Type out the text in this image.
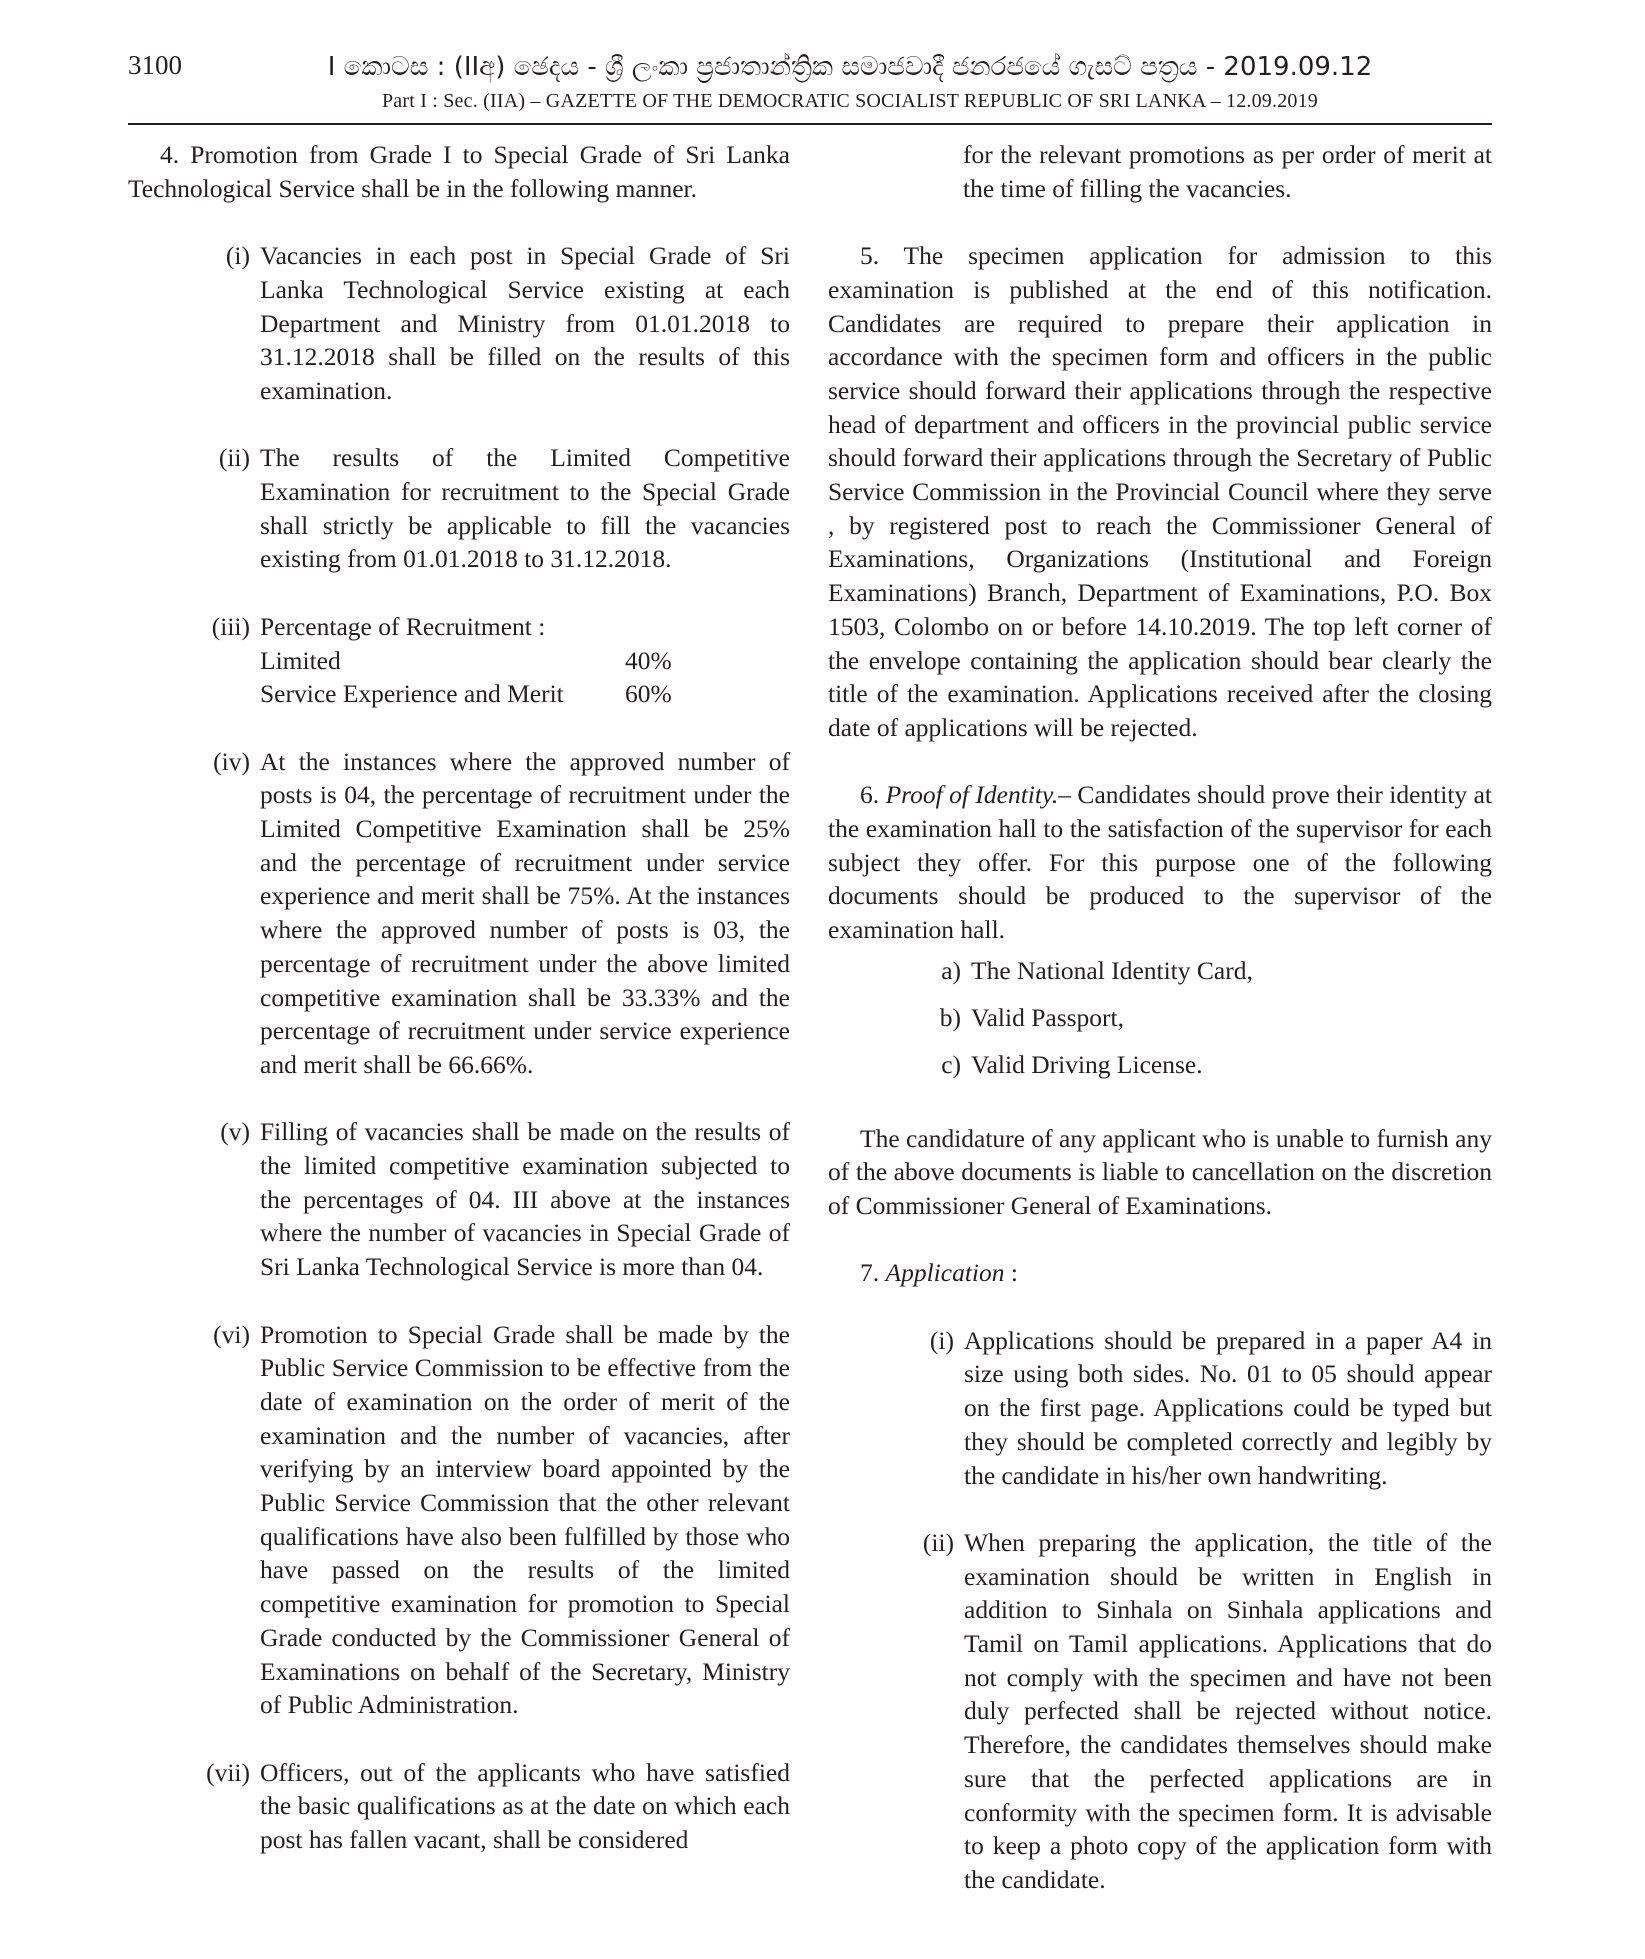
3100	I කොටස : (IIඅ) ඡෙදය - ශ්‍රී ලංකා ප්‍රජාතාන්ත්‍රික සමාජවාදී ජනරජයේ ගැසට් පත්‍රය - 2019.09.12
Part I : Sec. (IIA) – GAZETTE OF THE DEMOCRATIC SOCIALIST REPUBLIC OF SRI LANKA – 12.09.2019

4. Promotion from Grade I to Special Grade of Sri Lanka Technological Service shall be in the following manner.

(i) Vacancies in each post in Special Grade of Sri Lanka Technological Service existing at each Department and Ministry from 01.01.2018 to 31.12.2018 shall be filled on the results of this examination.
(ii) The results of the Limited Competitive Examination for recruitment to the Special Grade shall strictly be applicable to fill the vacancies existing from 01.01.2018 to 31.12.2018.
(iii) Percentage of Recruitment :
Limited	40%
Service Experience and Merit	60%
(iv) At the instances where the approved number of posts is 04, the percentage of recruitment under the Limited Competitive Examination shall be 25% and the percentage of recruitment under service experience and merit shall be 75%. At the instances where the approved number of posts is 03, the percentage of recruitment under the above limited competitive examination shall be 33.33% and the percentage of recruitment under service experience and merit shall be 66.66%.
(v) Filling of vacancies shall be made on the results of the limited competitive examination subjected to the percentages of 04. III above at the instances where the number of vacancies in Special Grade of Sri Lanka Technological Service is more than 04.
(vi) Promotion to Special Grade shall be made by the Public Service Commission to be effective from the date of examination on the order of merit of the examination and the number of vacancies, after verifying by an interview board appointed by the Public Service Commission that the other relevant qualifications have also been fulfilled by those who have passed on the results of the limited competitive examination for promotion to Special Grade conducted by the Commissioner General of Examinations on behalf of the Secretary, Ministry of Public Administration.
(vii) Officers, out of the applicants who have satisfied the basic qualifications as at the date on which each post has fallen vacant, shall be considered

for the relevant promotions as per order of merit at the time of filling the vacancies.

5. The specimen application for admission to this examination is published at the end of this notification. Candidates are required to prepare their application in accordance with the specimen form and officers in the public service should forward their applications through the respective head of department and officers in the provincial public service should forward their applications through the Secretary of Public Service Commission in the Provincial Council where they serve , by registered post to reach the Commissioner General of Examinations, Organizations (Institutional and Foreign Examinations) Branch, Department of Examinations, P.O. Box 1503, Colombo on or before 14.10.2019. The top left corner of the envelope containing the application should bear clearly the title of the examination. Applications received after the closing date of applications will be rejected.

6. Proof of Identity.– Candidates should prove their identity at the examination hall to the satisfaction of the supervisor for each subject they offer. For this purpose one of the following documents should be produced to the supervisor of the examination hall.

a) The National Identity Card,
b) Valid Passport,
c) Valid Driving License.

The candidature of any applicant who is unable to furnish any of the above documents is liable to cancellation on the discretion of Commissioner General of Examinations.

7. Application :

(i) Applications should be prepared in a paper A4 in size using both sides. No. 01 to 05 should appear on the first page. Applications could be typed but they should be completed correctly and legibly by the candidate in his/her own handwriting.
(ii) When preparing the application, the title of the examination should be written in English in addition to Sinhala on Sinhala applications and Tamil on Tamil applications. Applications that do not comply with the specimen and have not been duly perfected shall be rejected without notice. Therefore, the candidates themselves should make sure that the perfected applications are in conformity with the specimen form. It is advisable to keep a photo copy of the application form with the candidate.
